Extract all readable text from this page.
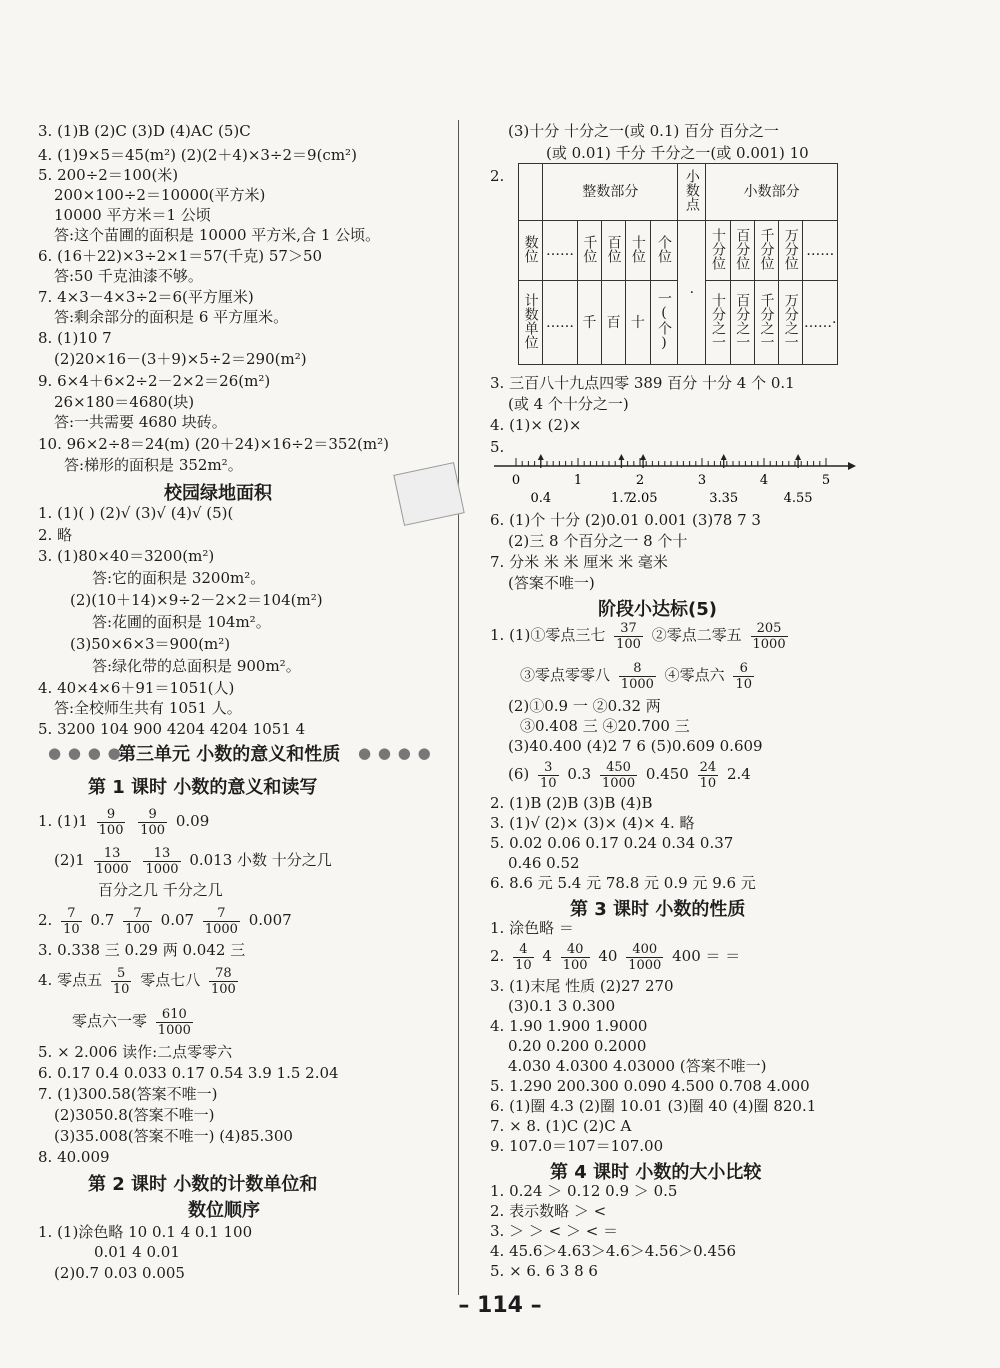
3. (1)B (2)C (3)D (4)AC (5)C
4. (1)9×5＝45(m²) (2)(2＋4)×3÷2＝9(cm²)
5. 200÷2＝100(米)
200×100÷2＝10000(平方米)
10000 平方米＝1 公顷
答:这个苗圃的面积是 10000 平方米,合 1 公顷。
6. (16＋22)×3÷2×1＝57(千克) 57＞50
答:50 千克油漆不够。
7. 4×3－4×3÷2＝6(平方厘米)
答:剩余部分的面积是 6 平方厘米。
8. (1)10 7
(2)20×16－(3＋9)×5÷2＝290(m²)
9. 6×4＋6×2÷2－2×2＝26(m²)
26×180＝4680(块)
答:一共需要 4680 块砖。
10. 96×2÷8＝24(m) (20＋24)×16÷2＝352(m²)
答:梯形的面积是 352m²。
校园绿地面积
1. (1)( ) (2)√ (3)√ (4)√ (5)(
2. 略
3. (1)80×40＝3200(m²)
答:它的面积是 3200m²。
(2)(10＋14)×9÷2－2×2＝104(m²)
答:花圃的面积是 104m²。
(3)50×6×3＝900(m²)
答:绿化带的总面积是 900m²。
4. 40×4×6＋91＝1051(人)
答:全校师生共有 1051 人。
5. 3200 104 900 4204 4204 1051 4
● ● ● ●
第三单元 小数的意义和性质 ● ● ● ●
第 1 课时 小数的意义和读写
1. $(1)1 \frac{9}{100}$
$\frac{9}{100} 0.09$
$(2)1 \frac{13}{1000}$
$\frac{13}{1000} 0.013$ 小数 十分之几
百分之几 千分之几
2. $\frac{7}{10} 0.7 \frac{7}{100} 0.07 \frac{7}{1000} 0.007$
3. 0.338 三 0.29 两 0.042 三
4. 零点五 $\frac{5}{10}$ 零点七八 $\frac{78}{100}$
零点六一零 $\frac{610}{1000}$
5. × 2.006 读作:二点零零六
6. 0.17 0.4 0.033 0.17 0.54 3.9 1.5 2.04
7. (1)300.58(答案不唯一)
(2)3050.8(答案不唯一)
(3)35.008(答案不唯一) (4)85.300
8. 40.009
第 2 课时 小数的计数单位和
数位顺序
1. (1)涂色略 10 0.1 4 0.1 100
0.01 4 0.01
(2)0.7 0.03 0.005
(3)十分 十分之一(或 0.1) 百分 百分之一
(或 0.01) 千分 千分之一(或 0.001) 10
2.
	整数部分					小数点	小数部分				
数位	……	千位	百位	十位	个位	·	十分位	百分位	千分位	万分位	……
计数单位	……	千	百	十	一(个)		十分之一	百分之一	千分之一	万分之一	……·
3. 三百八十九点四零 389 百分 十分 4 个 0.1
(或 4 个十分之一)
4. (1)× (2)×
5.
0	1	2	3	4	5
0.4	1.7
2.05	3.35	4.55
6. (1)个 十分 (2)0.01 0.001 (3)78 7 3
(2)三 8 个百分之一 8 个十
7. 分米 米 米 厘米 米 毫米
(答案不唯一)
阶段小达标(5)
1. (1)①零点三七 $\frac{37}{100}$ ②零点二零五 $\frac{205}{1000}$
③零点零零八 $\frac{8}{1000}$ ④零点六 $\frac{6}{10}$
(2)①0.9 一 ②0.32 两
③0.408 三 ④20.700 三
(3)40.400 (4)2 7 6 (5)0.609 0.609
$(6) \frac{3}{10} 0.3 \frac{450}{1000} 0.450 \frac{24}{10} 2.4$
2. (1)B (2)B (3)B (4)B
3. (1)√ (2)× (3)× (4)× 4. 略
5. 0.02 0.06 0.17 0.24 0.34 0.37
0.46 0.52
6. 8.6 元 5.4 元 78.8 元 0.9 元 9.6 元
第 3 课时 小数的性质
1. 涂色略 ＝
2. $\frac{4}{10} 4 \frac{40}{100} 40 \frac{400}{1000} 400$ ＝ ＝
3. (1)末尾 性质 (2)27 270
(3)0.1 3 0.300
4. 1.90 1.900 1.9000
0.20 0.200 0.2000
4.030 4.0300 4.03000 (答案不唯一)
5. 1.290 200.300 0.090 4.500 0.708 4.000
6. (1)圈 4.3 (2)圈 10.01 (3)圈 40 (4)圈 820.1
7. × 8. (1)C (2)C A
9. 107.0＝107＝107.00
第 4 课时 小数的大小比较
1. 0.24 ＞ 0.12 0.9 ＞ 0.5
2. 表示数略 ＞ <
3. ＞ ＞ < ＞ < ＝
4. 45.6＞4.63＞4.6＞4.56＞0.456
5. × 6. 6 3 8 6
– 114 –
